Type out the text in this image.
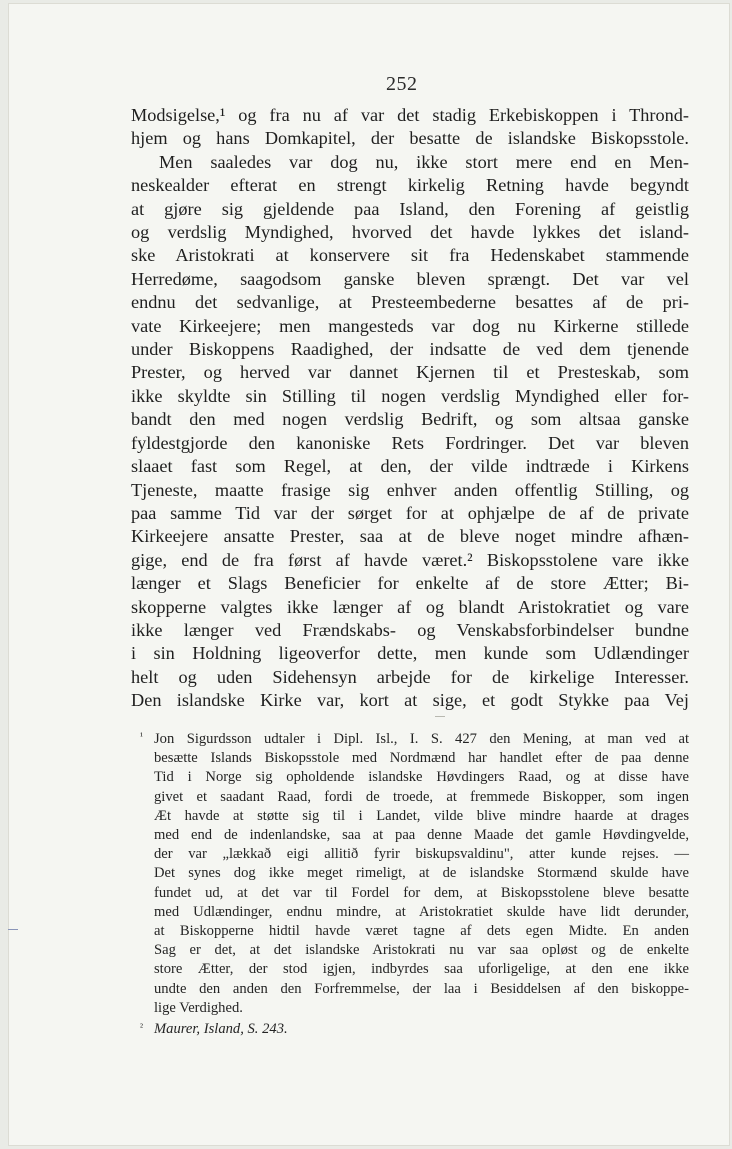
252
Modsigelse,¹ og fra nu af var det stadig Erkebiskoppen i Thrond-
hjem og hans Domkapitel, der besatte de islandske Biskopsstole.
Men saaledes var dog nu, ikke stort mere end en Men-
neskealder efterat en strengt kirkelig Retning havde begyndt
at gjøre sig gjeldende paa Island, den Forening af geistlig
og verdslig Myndighed, hvorved det havde lykkes det island-
ske Aristokrati at konservere sit fra Hedenskabet stammende
Herredøme, saagodsom ganske bleven sprængt. Det var vel
endnu det sedvanlige, at Presteembederne besattes af de pri-
vate Kirkeejere; men mangesteds var dog nu Kirkerne stillede
under Biskoppens Raadighed, der indsatte de ved dem tjenende
Prester, og herved var dannet Kjernen til et Presteskab, som
ikke skyldte sin Stilling til nogen verdslig Myndighed eller for-
bandt den med nogen verdslig Bedrift, og som altsaa ganske
fyldestgjorde den kanoniske Rets Fordringer. Det var bleven
slaaet fast som Regel, at den, der vilde indtræde i Kirkens
Tjeneste, maatte frasige sig enhver anden offentlig Stilling, og
paa samme Tid var der sørget for at ophjælpe de af de private
Kirkeejere ansatte Prester, saa at de bleve noget mindre afhæn-
gige, end de fra først af havde været.² Biskopsstolene vare ikke
længer et Slags Beneficier for enkelte af de store Ætter; Bi-
skopperne valgtes ikke længer af og blandt Aristokratiet og vare
ikke længer ved Frændskabs- og Venskabsforbindelser bundne
i sin Holdning ligeoverfor dette, men kunde som Udlændinger
helt og uden Sidehensyn arbejde for de kirkelige Interesser.
Den islandske Kirke var, kort at sige, et godt Stykke paa Vej
¹ Jon Sigurdsson udtaler i Dipl. Isl., I. S. 427 den Mening, at man ved at
besætte Islands Biskopsstole med Nordmænd har handlet efter de paa denne
Tid i Norge sig opholdende islandske Høvdingers Raad, og at disse have
givet et saadant Raad, fordi de troede, at fremmede Biskopper, som ingen
Æt havde at støtte sig til i Landet, vilde blive mindre haarde at drages
med end de indenlandske, saa at paa denne Maade det gamle Høvdingvelde,
der var „lækkað eigi allitið fyrir biskupsvaldinu", atter kunde rejses. —
Det synes dog ikke meget rimeligt, at de islandske Stormænd skulde have
fundet ud, at det var til Fordel for dem, at Biskopsstolene bleve besatte
med Udlændinger, endnu mindre, at Aristokratiet skulde have lidt derunder,
at Biskopperne hidtil havde været tagne af dets egen Midte. En anden
Sag er det, at det islandske Aristokrati nu var saa opløst og de enkelte
store Ætter, der stod igjen, indbyrdes saa uforligelige, at den ene ikke
undte den anden den Forfremmelse, der laa i Besiddelsen af den biskoppe-
lige Verdighed.
² Maurer, Island, S. 243.
